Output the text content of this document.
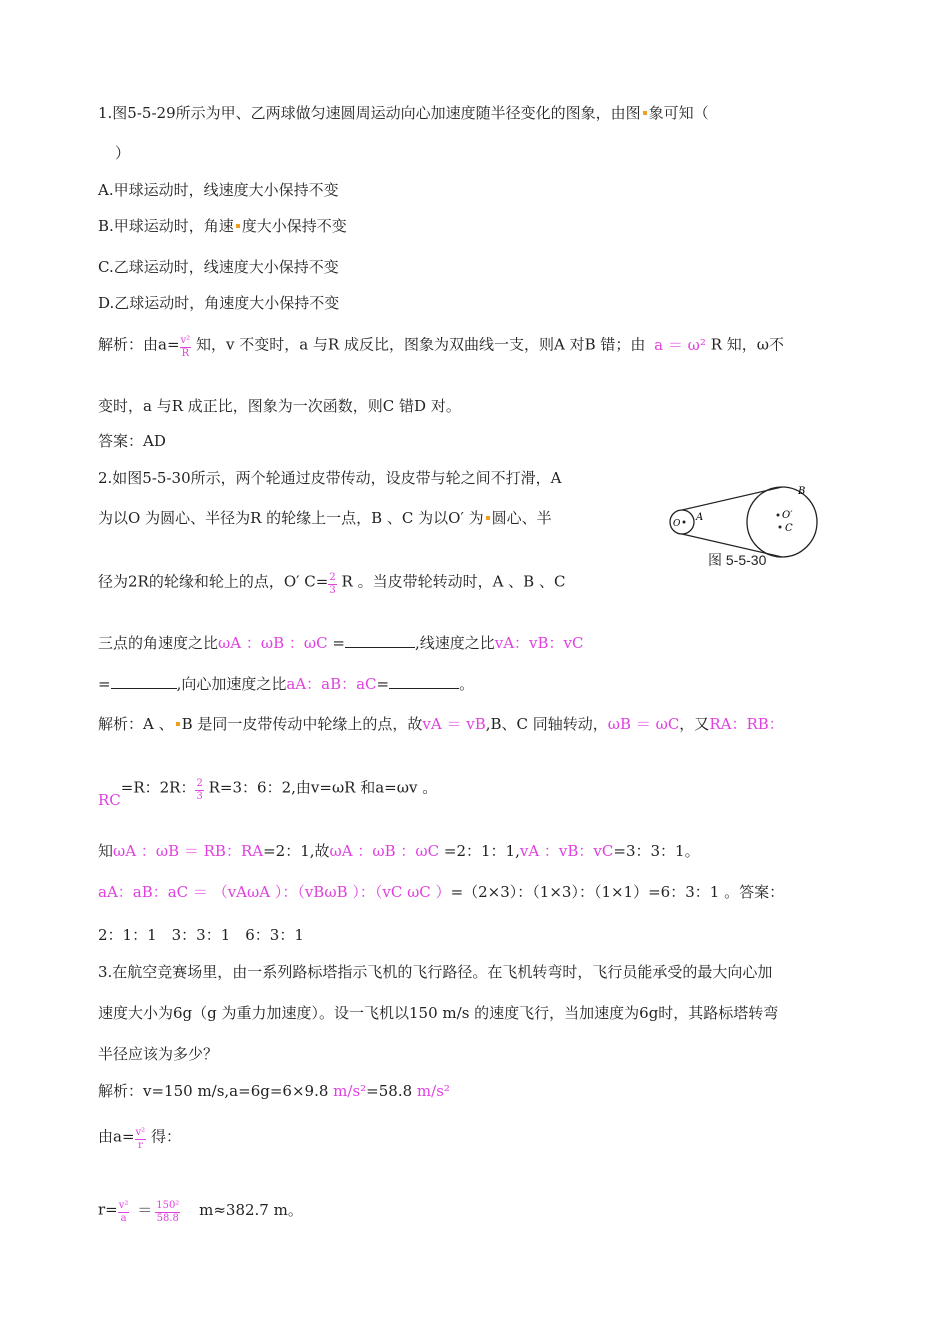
1.图5-5-29所示为甲、乙两球做匀速圆周运动向心加速度随半径变化的图象，由图 象可知（
）
A.甲球运动时，线速度大小保持不变
B.甲球运动时，角速 度大小保持不变
C.乙球运动时，线速度大小保持不变
D.乙球运动时，角速度大小保持不变
解析：由$a= \frac{\text{v²}}{R}$ 知，v 不变时，a 与R 成反比，图象为双曲线一支，则A 对B 错；由 a ＝ ω² R 知，ω不
变时，a 与R 成正比，图象为一次函数，则C 错D 对。
答案：AD
2.如图5-5-30所示，两个轮通过皮带传动，设皮带与轮之间不打滑，A
为以O 为圆心、半径为R 的轮缘上一点，B 、C 为以O′ 为 圆心、半
径为2R的轮缘和轮上的点，O′ $C= \frac{2}{3}$ R 。当皮带轮转动时，A 、B 、C
三点的角速度之比ωA ：ωB ：ωC =	,线速度之比vA：vB：vC
=	,向心加速度之比aA：aB：aC=	。
解析：A 、 B 是同一皮带传动中轮缘上的点，故vA ＝ vB,B、C 同轴转动，ωB ＝ ωC，又RA：RB：
RC=R：2R： $\frac{2}{3} R=3$：6：2,由v=ωR 和a=ωv 。
知ωA ：ωB ＝ RB：RA=2：1,故ωA ：ωB ：ωC =2：1：1,vA ：vB：vC=3：3：1。
aA：aB：aC ＝ （vAωA ）：（vBωB ）：（vC ωC ）=（2×3）：（1×3）：（1×1）=6：3：1 。答案：
2：1：1　3：3：1　6：3：1
O
A
B
O′
C
图 5-5-30
3.在航空竞赛场里，由一系列路标塔指示飞机的飞行路径。在飞机转弯时，飞行员能承受的最大向心加
速度大小为6g（g 为重力加速度）。设一飞机以150 m/s 的速度飞行，当加速度为6g时，其路标塔转弯
半径应该为多少？
解析：v=150 m/s,a=6g=6×9.8 m/s²=58.8 m/s²
由$a= \frac{\text{v²}}{r}$ 得：
$r= \frac{\text{v²}}{a} = \frac{\text{150²}}{58.8} m\approx 382.7$ m。
